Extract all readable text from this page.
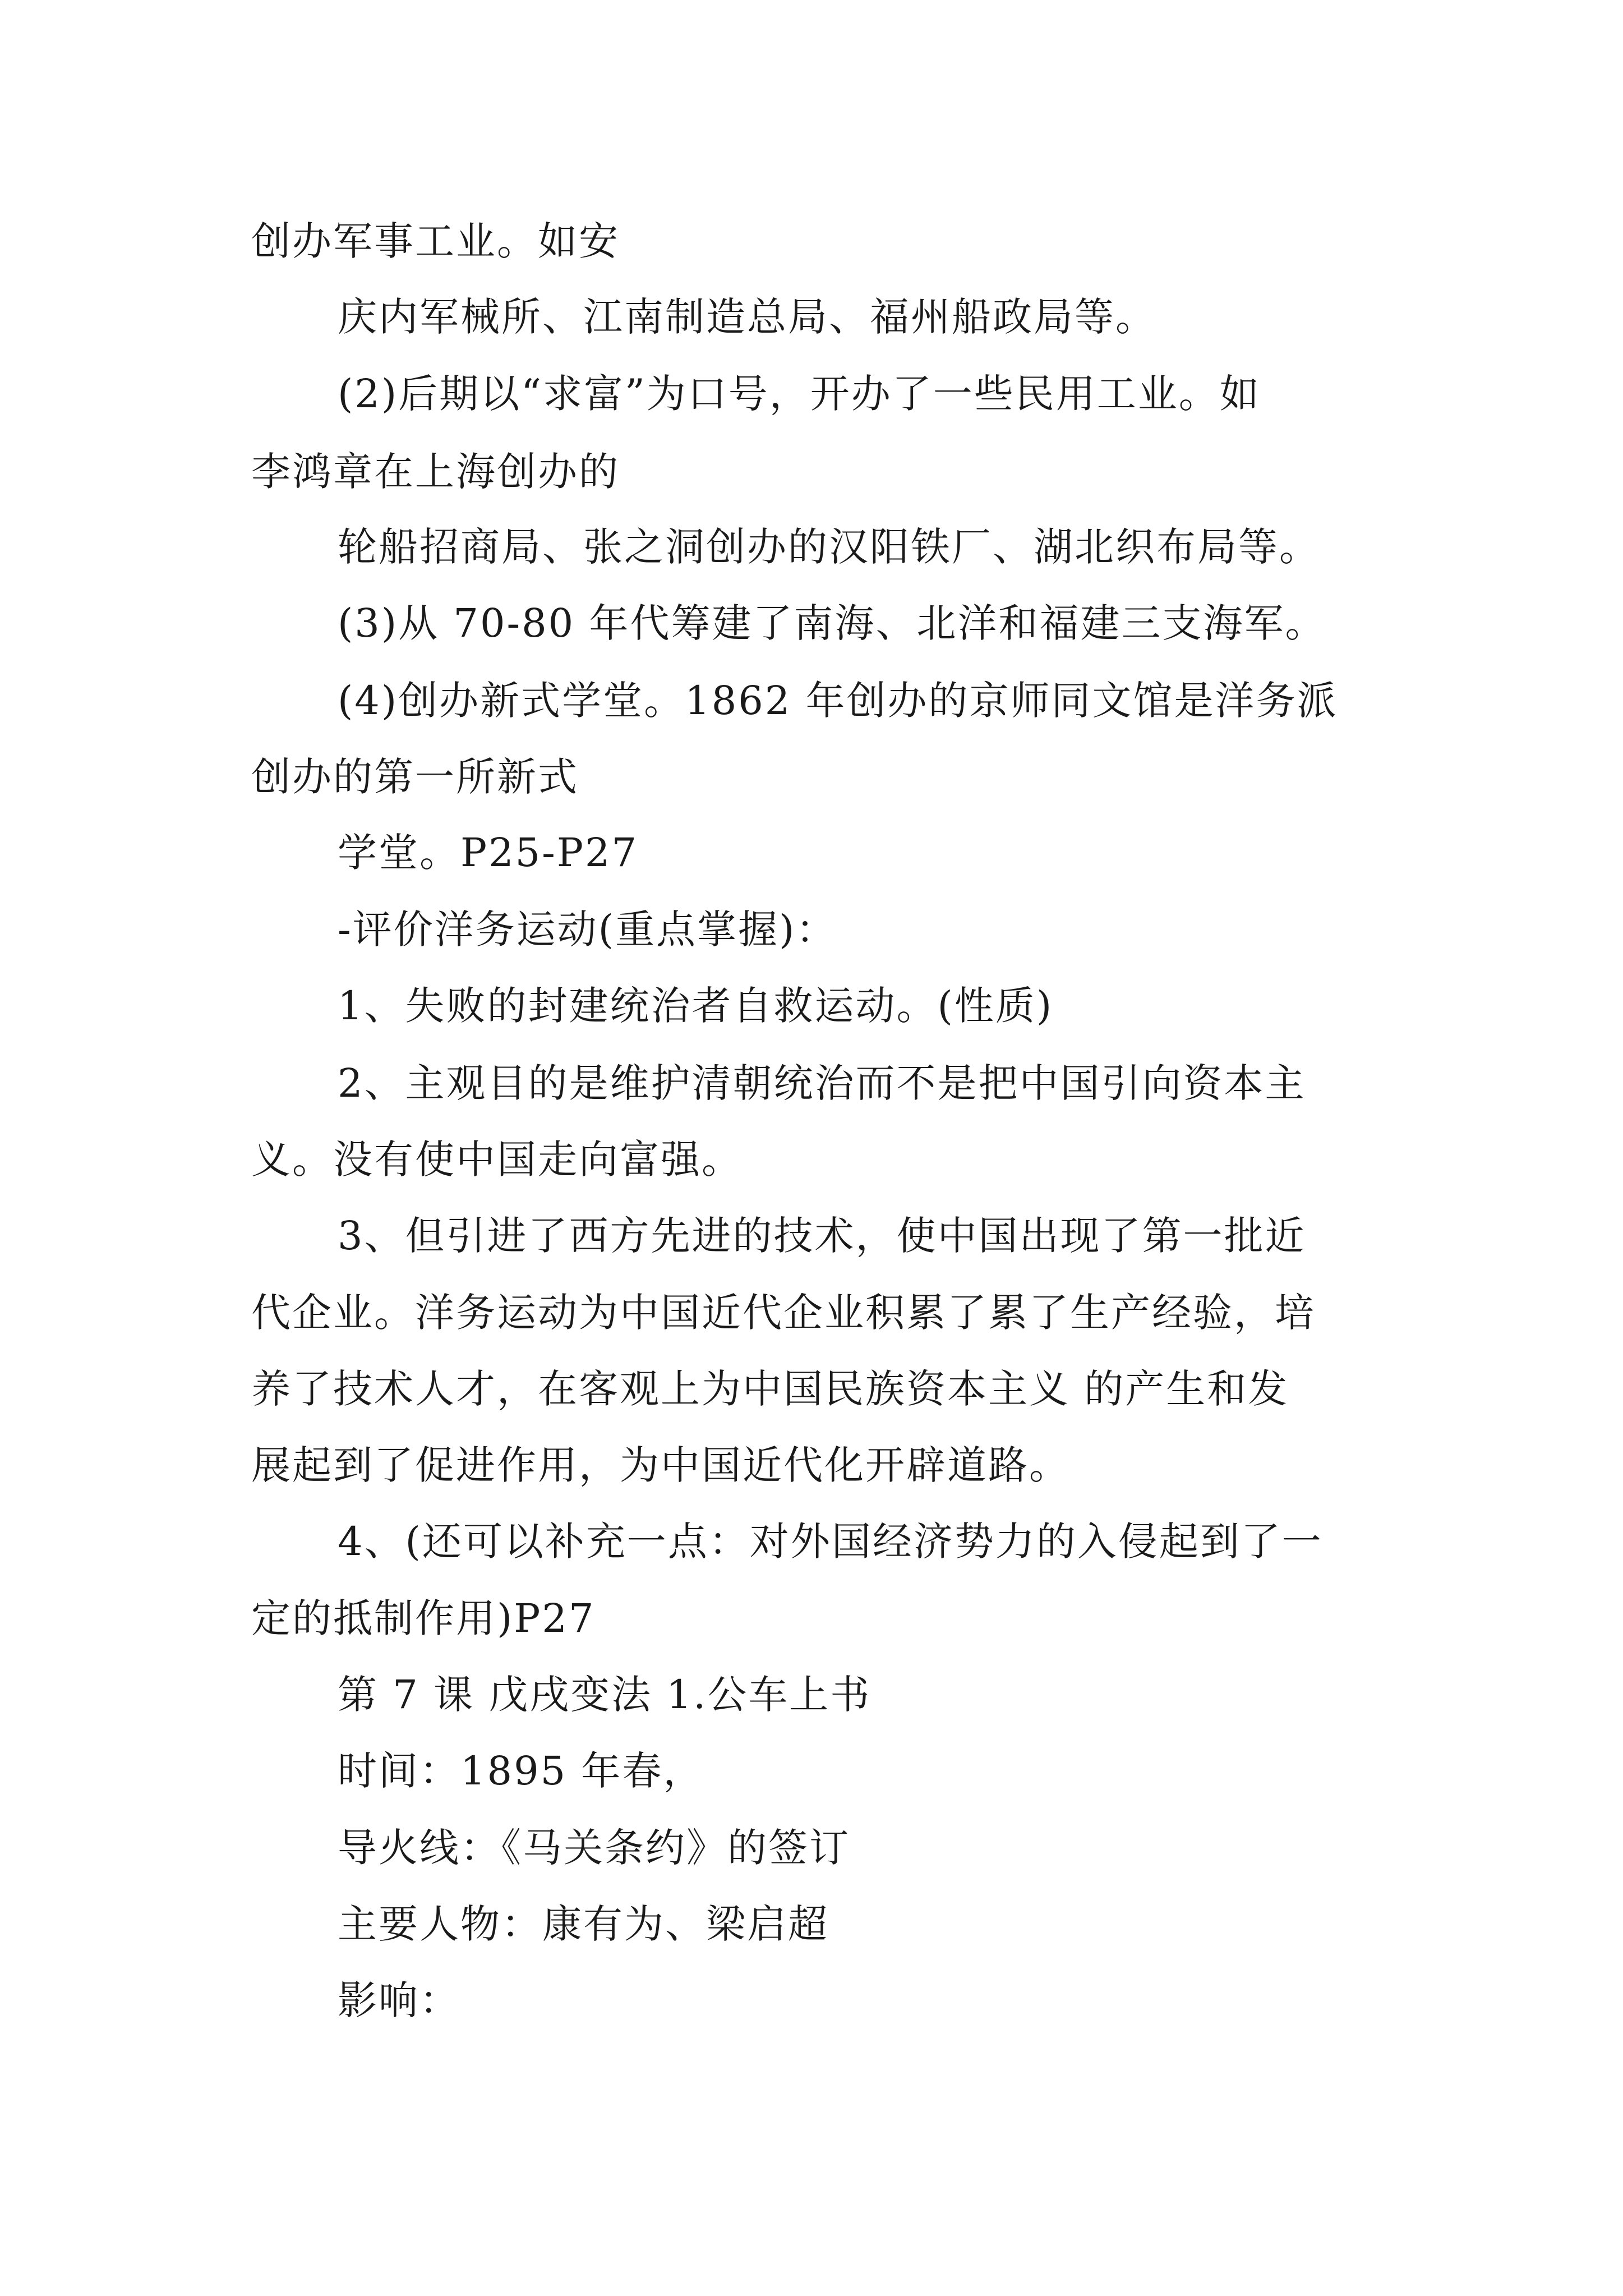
创办军事工业。如安
庆内军械所、江南制造总局、福州船政局等。
(2)后期以“求富”为口号，开办了一些民用工业。如
李鸿章在上海创办的
轮船招商局、张之洞创办的汉阳铁厂、湖北织布局等。
(3)从 70-80 年代筹建了南海、北洋和福建三支海军。
(4)创办新式学堂。1862 年创办的京师同文馆是洋务派
创办的第一所新式
学堂。P25-P27
-评价洋务运动(重点掌握)：
1、失败的封建统治者自救运动。(性质)
2、主观目的是维护清朝统治而不是把中国引向资本主
义。没有使中国走向富强。
3、但引进了西方先进的技术，使中国出现了第一批近
代企业。洋务运动为中国近代企业积累了累了生产经验，培
养了技术人才，在客观上为中国民族资本主义 的产生和发
展起到了促进作用，为中国近代化开辟道路。
4、(还可以补充一点：对外国经济势力的入侵起到了一
定的抵制作用)P27
第 7 课 戊戌变法 1.公车上书
时间：1895 年春，
导火线：《马关条约》的签订
主要人物：康有为、梁启超
影响：
